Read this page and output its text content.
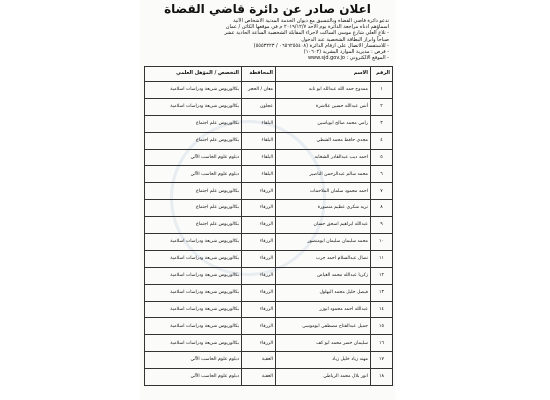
اعلان صادر عن دائرة قاضي القضاة

تدعو دائرة قاضي القضاة وبالتنسيق مع ديوان الخدمة المدنية الاشخاص الآتية

اسماؤهم ادناه مراجعة الدائرة يوم الاحد ٢٠١٩/١٢/٧ م في موقعها الكائن / عمان

- تلاع العلي شارع موسى الساكت لاجراء المقابلة الشخصية الساعة الحادية عشر

صباحاً وابراز البطاقة الشخصية عند الدخول

- للاستفسار الاتصال على ارقام الدائرة (٠٦٥٦٢٥٥٤٠٨ / ٥٥٥٣٢٢٣)

- قرص : مديرية الموارد البشرية (١٠٦٠٢)

- الموقع الالكتروني : www.sjd.gov.jo

الرقم	الاسم	المحافظة	التخصص / المؤهل العلمي
١	ممدوح حمد الله عبدالله ابو نابه	معان / الحجر	بكالوريوس شريعة ودراسات اسلامية
٢	أنس عبدالله حسين علاشرة	عجلون	بكالوريوس شريعة ودراسات اسلامية
٣	رامي محمد صالح ابوياسين	البلقاء	بكالوريوس علم اجتماع
٤	مجدي حافظ محمد الشطي	البلقاء	بكالوريوس علم اجتماع
٥	احمد ديب عبدالقادر الشخابه	البلقاء	دبلوم علوم الحاسب الآلي
٦	محمد سالم عبدالرحمن الناصير	البلقاء	دبلوم علوم الحاسب الآلي
٧	احمد محمود سلمان الملاحمات	الزرقاء	بكالوريوس علم اجتماع
٨	نزيه شكري عظيم منصورة	الزرقاء	بكالوريوس علم اجتماع
٩	عبدالله ابراهيم اسحق حسان	الزرقاء	بكالوريوس علم اجتماع
١٠	محمد سليمان سليمان ابومنصور	الزرقاء	بكالوريوس شريعة ودراسات اسلامية
١١	نضال عبدالسلام احمد حرب	الزرقاء	بكالوريوس شريعة ودراسات اسلامية
١٢	زكريا عبدالله محمد الغياض	الزرقاء	بكالوريوس شريعة ودراسات اسلامية
١٣	فيصل خليل محمد البهلول	الزرقاء	بكالوريوس شريعة ودراسات اسلامية
١٤	عبدالله احمد محمود ابوزر	الزرقاء	بكالوريوس شريعة ودراسات اسلامية
١٥	جميل عبدالفتاح مصطفى ابوموسى	الزرقاء	بكالوريوس شريعة ودراسات اسلامية
١٦	سليمان خضر محمد ابو كف	الزرقاء	بكالوريوس شريعة ودراسات اسلامية
١٧	مهند زياد خليل زياد	العقبة	دبلوم علوم الحاسب الآلي
١٨	انور بلال محمد الرياطي	العقبة	دبلوم علوم الحاسب الآلي
